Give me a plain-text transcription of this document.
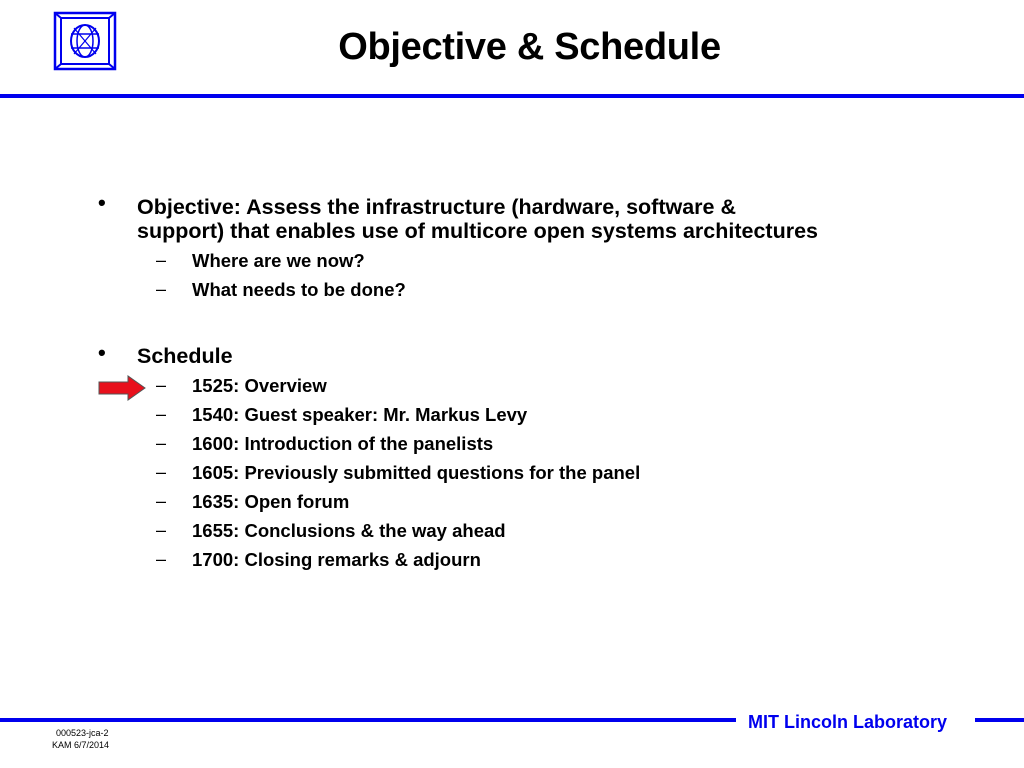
Objective & Schedule
• Objective: Assess the infrastructure (hardware, software &
support) that enables use of multicore open systems architectures
– Where are we now?
– What needs to be done?
• Schedule
– 1525: Overview
– 1540: Guest speaker: Mr. Markus Levy
– 1600: Introduction of the panelists
– 1605: Previously submitted questions for the panel
– 1635: Open forum
– 1655: Conclusions & the way ahead
– 1700: Closing remarks & adjourn
MIT Lincoln Laboratory
000523-jca-2
KAM 6/7/2014
